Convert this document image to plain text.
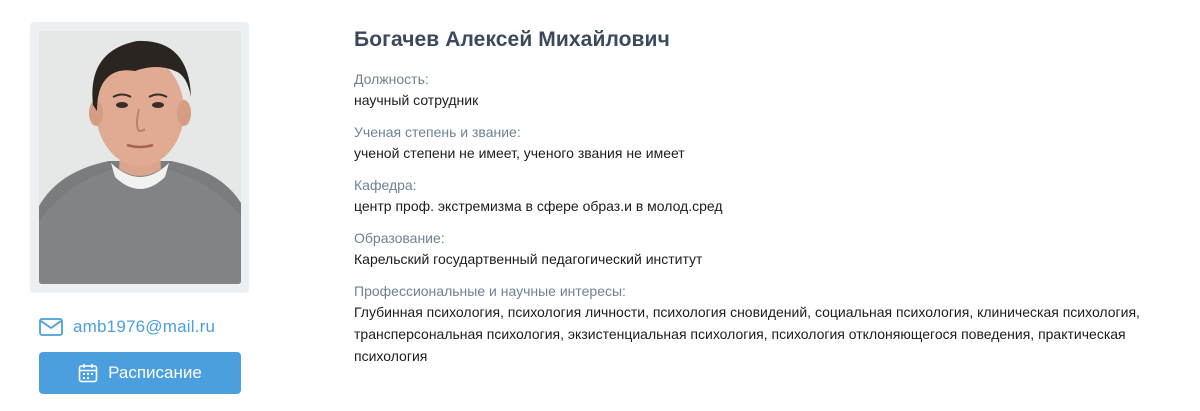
amb1976@mail.ru
Расписание
Богачев Алексей Михайлович
Должность:
научный сотрудник
Ученая степень и звание:
ученой степени не имеет, ученого звания не имеет
Кафедра:
центр проф. экстремизма в сфере образ.и в молод.сред
Образование:
Карельский государтвенный педагогический институт
Профессиональные и научные интересы:
Глубинная психология, психология личности, психология сновидений, социальная психология, клиническая психология, трансперсональная психология, экзистенциальная психология, психология отклоняющегося поведения, практическая психология
